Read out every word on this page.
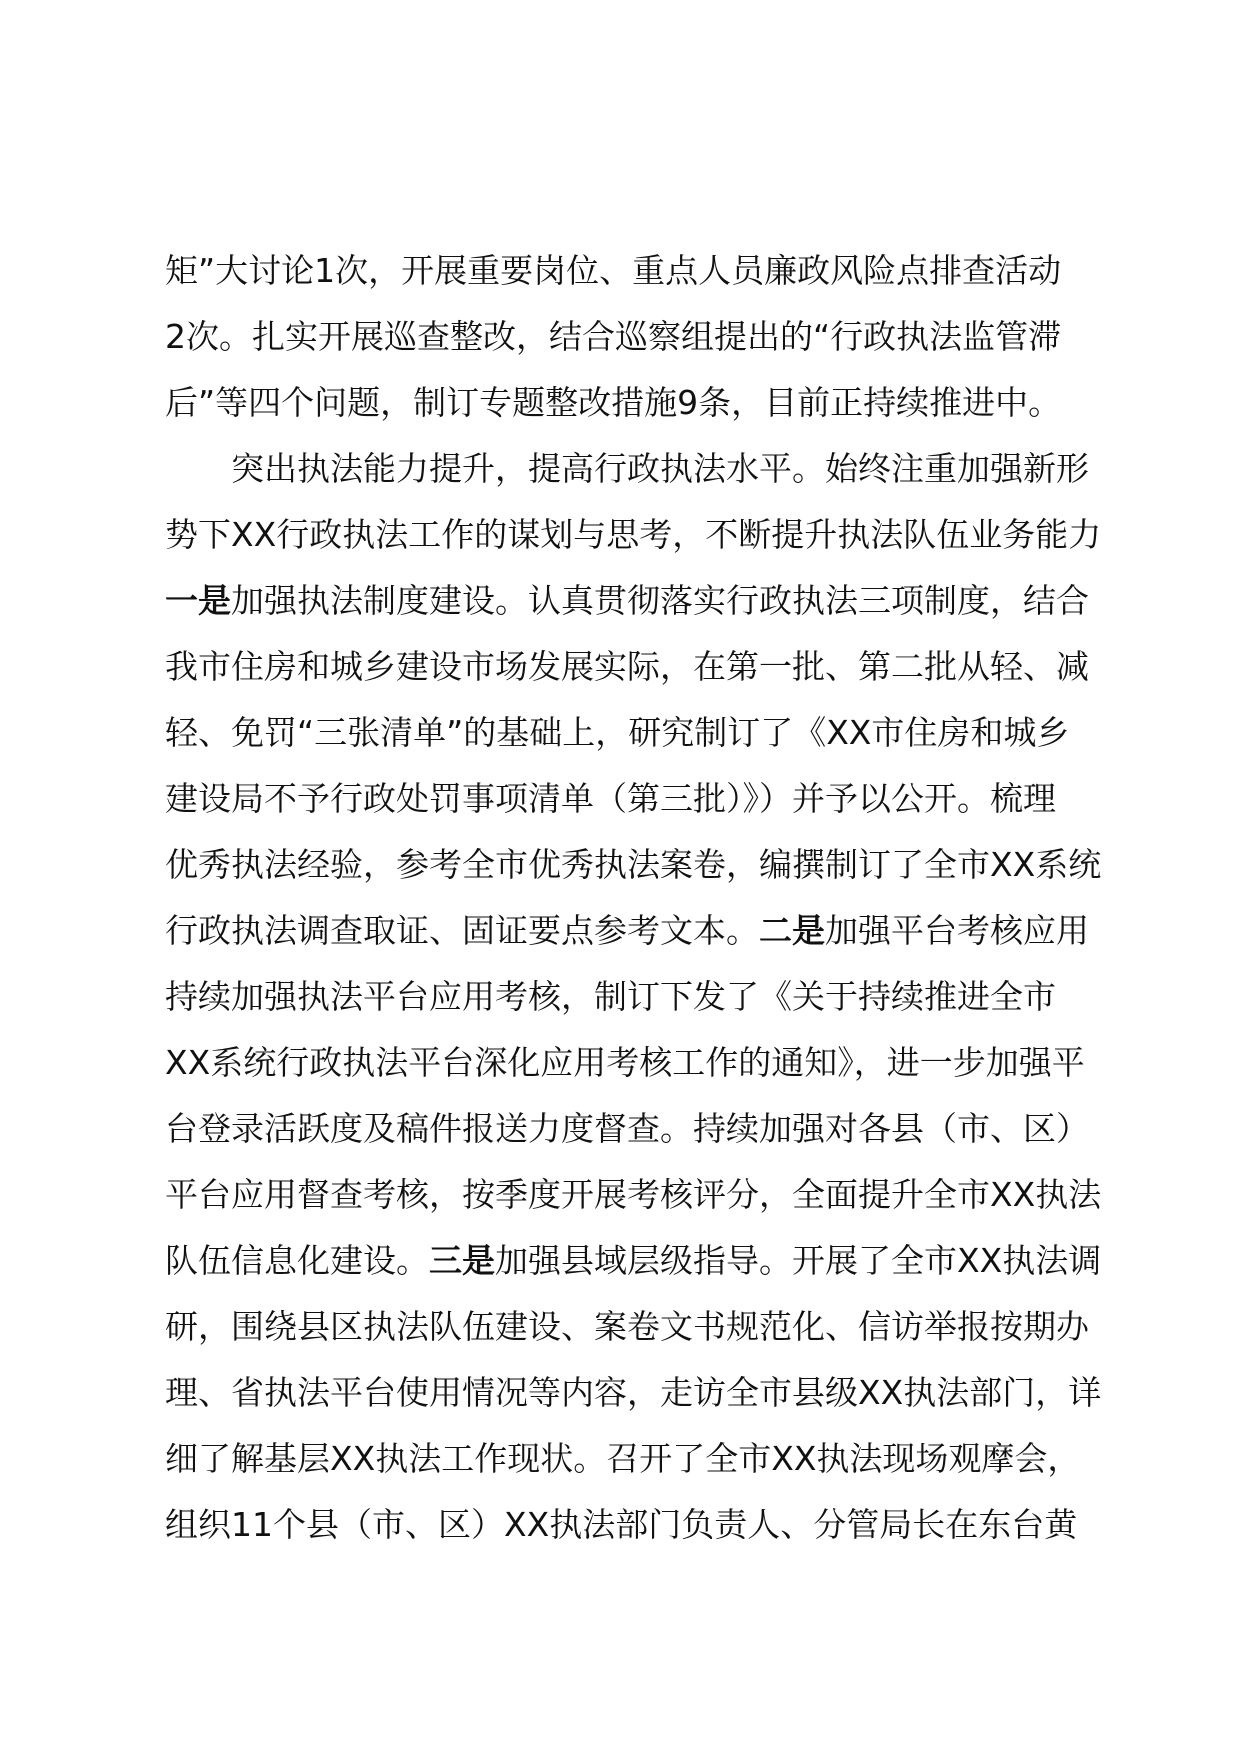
矩”大讨论1次，开展重要岗位、重点人员廉政风险点排查活动
2次。扎实开展巡查整改，结合巡察组提出的“行政执法监管滞
后”等四个问题，制订专题整改措施9条，目前正持续推进中。
突出执法能力提升，提高行政执法水平。始终注重加强新形
势下XX行政执法工作的谋划与思考，不断提升执法队伍业务能力
一是加强执法制度建设。认真贯彻落实行政执法三项制度，结合
我市住房和城乡建设市场发展实际，在第一批、第二批从轻、减
轻、免罚“三张清单”的基础上，研究制订了《XX市住房和城乡
建设局不予行政处罚事项清单（第三批）》）并予以公开。梳理
优秀执法经验，参考全市优秀执法案卷，编撰制订了全市XX系统
行政执法调查取证、固证要点参考文本。二是加强平台考核应用
持续加强执法平台应用考核，制订下发了《关于持续推进全市
XX系统行政执法平台深化应用考核工作的通知》，进一步加强平
台登录活跃度及稿件报送力度督查。持续加强对各县（市、区）
平台应用督查考核，按季度开展考核评分，全面提升全市XX执法
队伍信息化建设。三是加强县域层级指导。开展了全市XX执法调
研，围绕县区执法队伍建设、案卷文书规范化、信访举报按期办
理、省执法平台使用情况等内容，走访全市县级XX执法部门，详
细了解基层XX执法工作现状。召开了全市XX执法现场观摩会，
组织11个县（市、区）XX执法部门负责人、分管局长在东台黄
